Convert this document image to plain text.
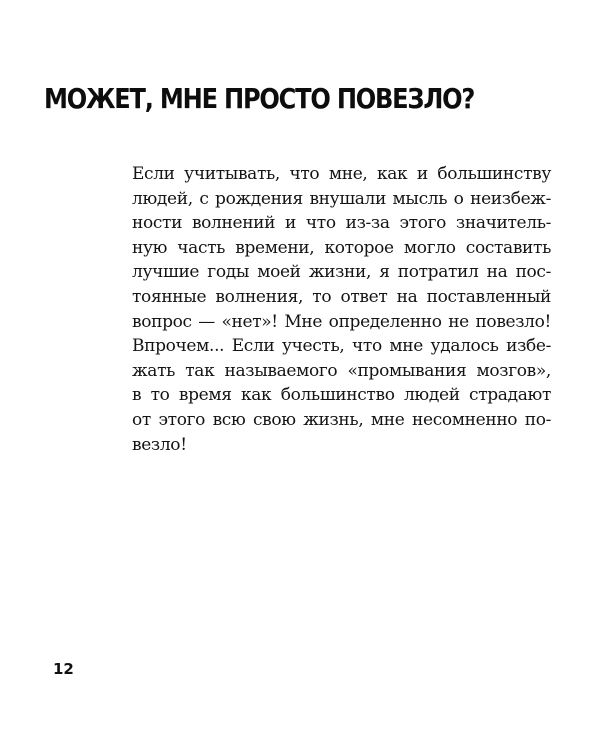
МОЖЕТ, МНЕ ПРОСТО ПОВЕЗЛО?
Если учитывать, что мне, как и большинству
людей, с рождения внушали мысль о неизбеж-
ности волнений и что из-за этого значитель-
ную часть времени, которое могло составить
лучшие годы моей жизни, я потратил на пос-
тоянные волнения, то ответ на поставленный
вопрос — «нет»! Мне определенно не повезло!
Впрочем... Если учесть, что мне удалось избе-
жать так называемого «промывания мозгов»,
в то время как большинство людей страдают
от этого всю свою жизнь, мне несомненно по-
везло!
12
